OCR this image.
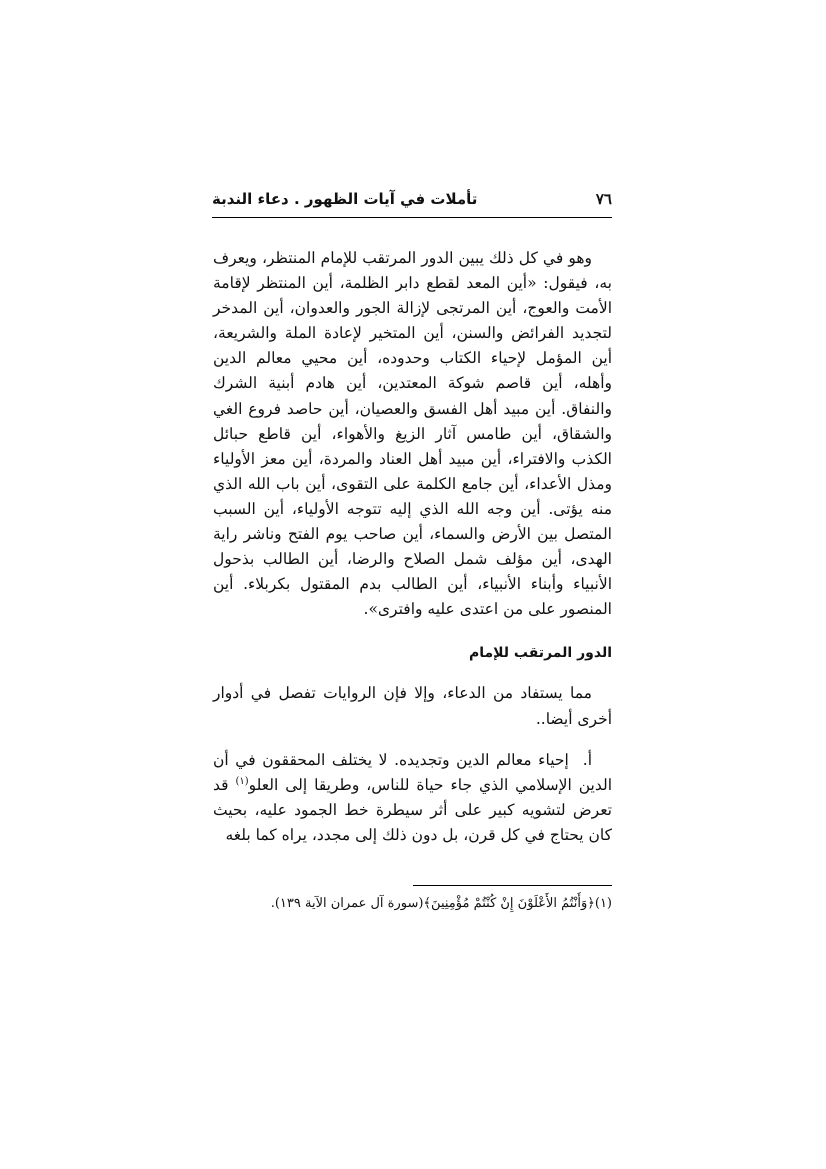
٧٦
تأملات في آيات الظهور . دعاء الندبة

وهو في كل ذلك يبين الدور المرتقب للإمام المنتظر، ويعرف به، فيقول: «أين المعد لقطع دابر الظلمة، أين المنتظر لإقامة الأمت والعوج، أين المرتجى لإزالة الجور والعدوان، أين المدخر لتجديد الفرائض والسنن، أين المتخير لإعادة الملة والشريعة، أين المؤمل لإحياء الكتاب وحدوده، أين محيي معالم الدين وأهله، أين قاصم شوكة المعتدين، أين هادم أبنية الشرك والنفاق. أين مبيد أهل الفسق والعصيان، أين حاصد فروع الغي والشقاق، أين طامس آثار الزيغ والأهواء، أين قاطع حبائل الكذب والافتراء، أين مبيد أهل العناد والمردة، أين معز الأولياء ومذل الأعداء، أين جامع الكلمة على التقوى، أين باب الله الذي منه يؤتى. أين وجه الله الذي إليه تتوجه الأولياء، أين السبب المتصل بين الأرض والسماء، أين صاحب يوم الفتح وناشر راية الهدى، أين مؤلف شمل الصلاح والرضا، أين الطالب بذحول الأنبياء وأبناء الأنبياء، أين الطالب بدم المقتول بكربلاء. أين المنصور على من اعتدى عليه وافترى».

الدور المرتقب للإمام

مما يستفاد من الدعاء، وإلا فإن الروايات تفصل في أدوار أخرى أيضا..

أ.إحياء معالم الدين وتجديده. لا يختلف المحققون في أن الدين الإسلامي الذي جاء حياة للناس، وطريقا إلى العلو$^{(١)}$ قد تعرض لتشويه كبير على أثر سيطرة خط الجمود عليه، بحيث كان يحتاج في كل قرن، بل دون ذلك إلى مجدد، يراه كما بلغه

(١)﴿وَأَنْتُمُ الأَعْلَوْنَ إِنْ كُنْتُمْ مُؤْمِنِينَ﴾(سورة آل عمران الآية ١٣٩).
